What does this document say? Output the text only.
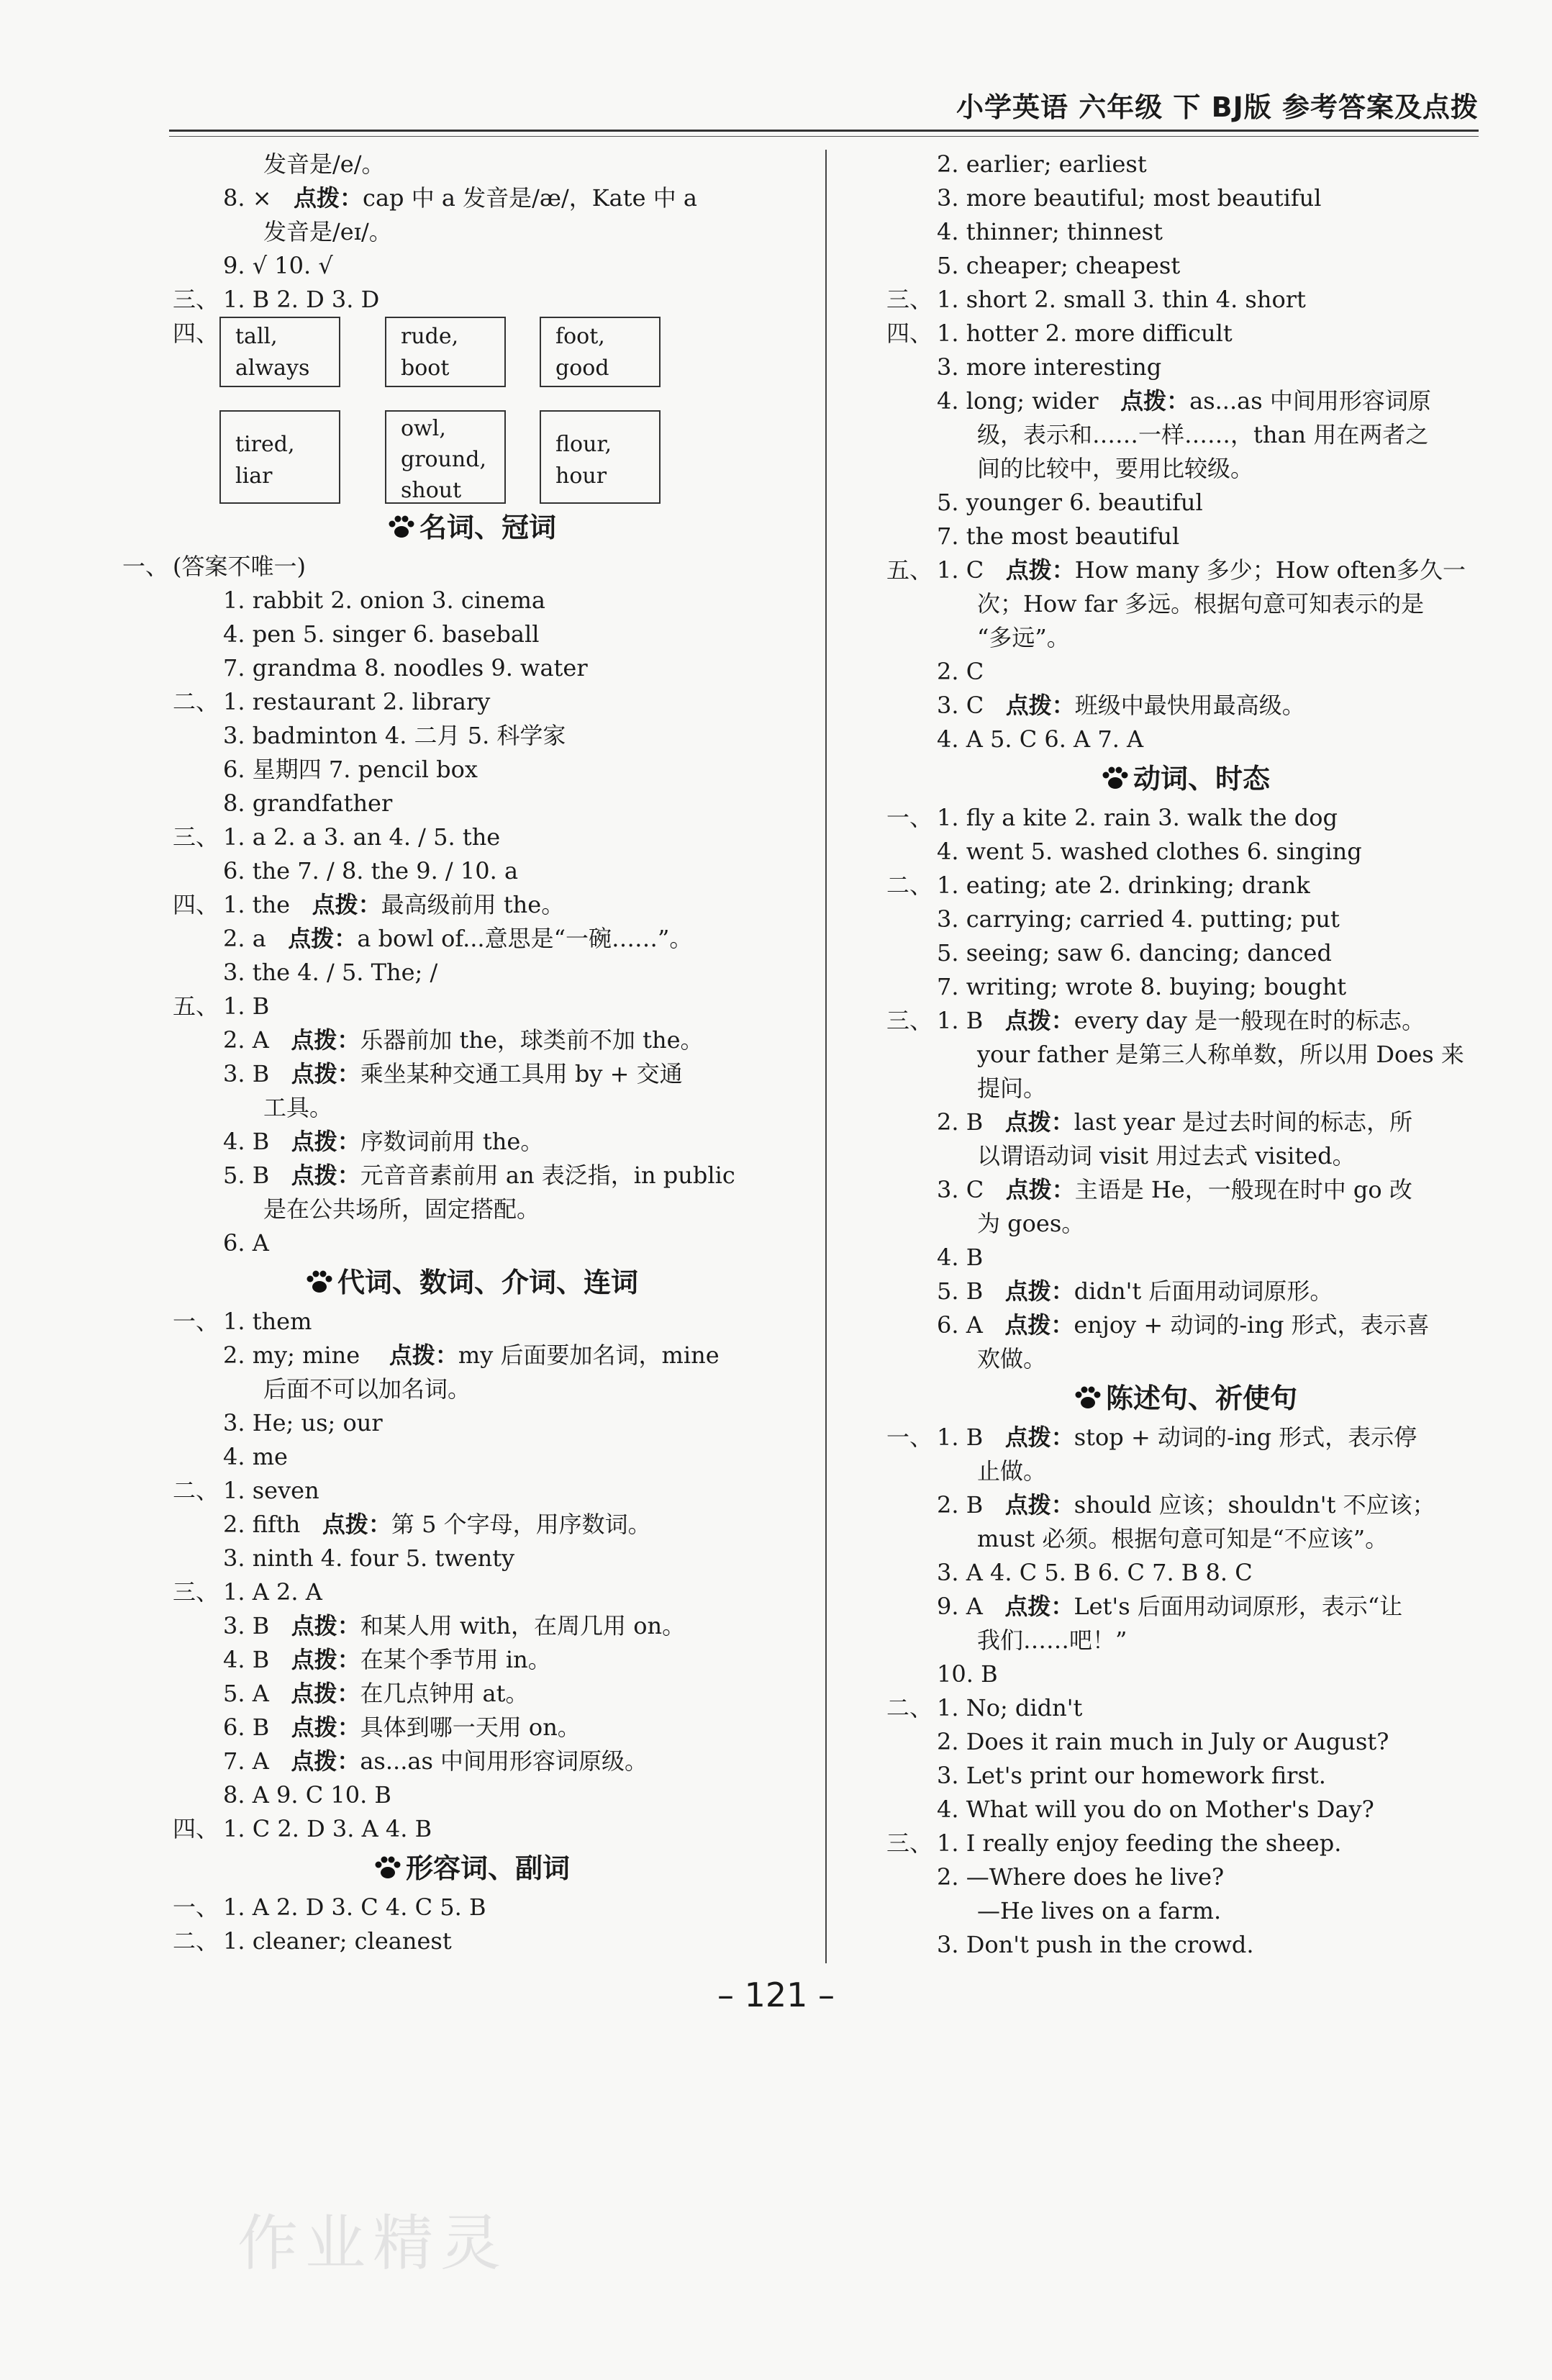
小学英语 六年级 下 BJ版 参考答案及点拨
发音是/e/。
8. × 点拨：cap 中 a 发音是/æ/，Kate 中 a
发音是/eɪ/。
9. √ 10. √
三、 1. B 2. D 3. D
四、 tall,
always
rude,
boot
foot,
good
tired,
liar
owl,
ground,
shout
flour,
hour
名词、冠词
一、 (答案不唯一)
1. rabbit 2. onion 3. cinema
4. pen 5. singer 6. baseball
7. grandma 8. noodles 9. water
二、 1. restaurant 2. library
3. badminton 4. 二月 5. 科学家
6. 星期四 7. pencil box
8. grandfather
三、 1. a 2. a 3. an 4. / 5. the
6. the 7. / 8. the 9. / 10. a
四、 1. the 点拨：最高级前用 the。
2. a 点拨：a bowl of...意思是“一碗……”。
3. the 4. / 5. The; /
五、 1. B
2. A 点拨：乐器前加 the，球类前不加 the。
3. B 点拨：乘坐某种交通工具用 by + 交通
工具。
4. B 点拨：序数词前用 the。
5. B 点拨：元音音素前用 an 表泛指，in public
是在公共场所，固定搭配。
6. A
代词、数词、介词、连词
一、 1. them
2. my; mine 点拨：my 后面要加名词，mine
后面不可以加名词。
3. He; us; our
4. me
二、 1. seven
2. fifth 点拨：第 5 个字母，用序数词。
3. ninth 4. four 5. twenty
三、 1. A 2. A
3. B 点拨：和某人用 with，在周几用 on。
4. B 点拨：在某个季节用 in。
5. A 点拨：在几点钟用 at。
6. B 点拨：具体到哪一天用 on。
7. A 点拨：as...as 中间用形容词原级。
8. A 9. C 10. B
四、 1. C 2. D 3. A 4. B
形容词、副词
一、 1. A 2. D 3. C 4. C 5. B
二、 1. cleaner; cleanest
2. earlier; earliest
3. more beautiful; most beautiful
4. thinner; thinnest
5. cheaper; cheapest
三、 1. short 2. small 3. thin 4. short
四、 1. hotter 2. more difficult
3. more interesting
4. long; wider 点拨：as...as 中间用形容词原
级，表示和……一样……，than 用在两者之
间的比较中，要用比较级。
5. younger 6. beautiful
7. the most beautiful
五、 1. C 点拨：How many 多少；How often多久一
次；How far 多远。根据句意可知表示的是
“多远”。
2. C
3. C 点拨：班级中最快用最高级。
4. A 5. C 6. A 7. A
动词、时态
一、 1. fly a kite 2. rain 3. walk the dog
4. went 5. washed clothes 6. singing
二、 1. eating; ate 2. drinking; drank
3. carrying; carried 4. putting; put
5. seeing; saw 6. dancing; danced
7. writing; wrote 8. buying; bought
三、 1. B 点拨：every day 是一般现在时的标志。
your father 是第三人称单数，所以用 Does 来
提问。
2. B 点拨：last year 是过去时间的标志，所
以谓语动词 visit 用过去式 visited。
3. C 点拨：主语是 He，一般现在时中 go 改
为 goes。
4. B
5. B 点拨：didn't 后面用动词原形。
6. A 点拨：enjoy + 动词的-ing 形式，表示喜
欢做。
陈述句、祈使句
一、 1. B 点拨：stop + 动词的-ing 形式，表示停
止做。
2. B 点拨：should 应该；shouldn't 不应该；
must 必须。根据句意可知是“不应该”。
3. A 4. C 5. B 6. C 7. B 8. C
9. A 点拨：Let's 后面用动词原形，表示“让
我们……吧！”
10. B
二、 1. No; didn't
2. Does it rain much in July or August?
3. Let's print our homework first.
4. What will you do on Mother's Day?
三、 1. I really enjoy feeding the sheep.
2. —Where does he live?
—He lives on a farm.
3. Don't push in the crowd.
– 121 –
作业精灵
